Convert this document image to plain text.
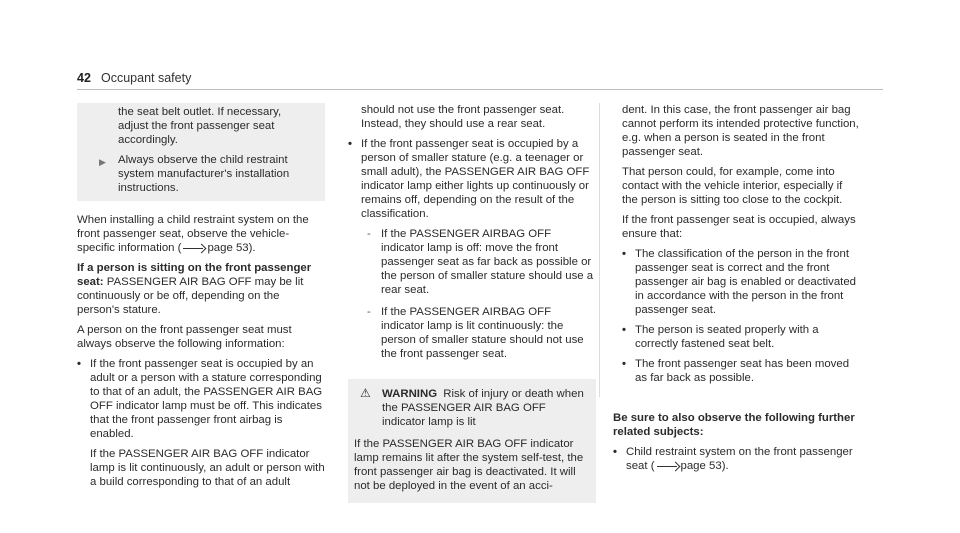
42 Occupant safety

the seat belt outlet. If necessary, adjust the front passenger seat accordingly.

▶ Always observe the child restraint system manufacturer's installation instructions.

When installing a child restraint system on the front passenger seat, observe the vehicle-specific information ( page 53).

If a person is sitting on the front passenger seat: PASSENGER AIR BAG OFF may be lit continuously or be off, depending on the person's stature.

A person on the front passenger seat must always observe the following information:

• If the front passenger seat is occupied by an adult or a person with a stature corresponding to that of an adult, the PASSENGER AIR BAG OFF indicator lamp must be off. This indicates that the front passenger front airbag is enabled.
If the PASSENGER AIR BAG OFF indicator lamp is lit continuously, an adult or person with a build corresponding to that of an adult

should not use the front passenger seat. Instead, they should use a rear seat.

• If the front passenger seat is occupied by a person of smaller stature (e.g. a teenager or small adult), the PASSENGER AIR BAG OFF indicator lamp either lights up continuously or remains off, depending on the result of the classification.
- If the PASSENGER AIRBAG OFF indicator lamp is off: move the front passenger seat as far back as possible or the person of smaller stature should use a rear seat.
- If the PASSENGER AIRBAG OFF indicator lamp is lit continuously: the person of smaller stature should not use the front passenger seat.
⚠ WARNING Risk of injury or death when the PASSENGER AIR BAG OFF indicator lamp is lit
If the PASSENGER AIR BAG OFF indicator lamp remains lit after the system self-test, the front passenger air bag is deactivated. It will not be deployed in the event of an acci-

dent. In this case, the front passenger air bag cannot perform its intended protective function, e.g. when a person is seated in the front passenger seat.

That person could, for example, come into contact with the vehicle interior, especially if the person is sitting too close to the cockpit.

If the front passenger seat is occupied, always ensure that:

• The classification of the person in the front passenger seat is correct and the front passenger air bag is enabled or deactivated in accordance with the person in the front passenger seat.
• The person is seated properly with a correctly fastened seat belt.
• The front passenger seat has been moved as far back as possible.

Be sure to also observe the following further related subjects:

• Child restraint system on the front passenger seat ( page 53).
